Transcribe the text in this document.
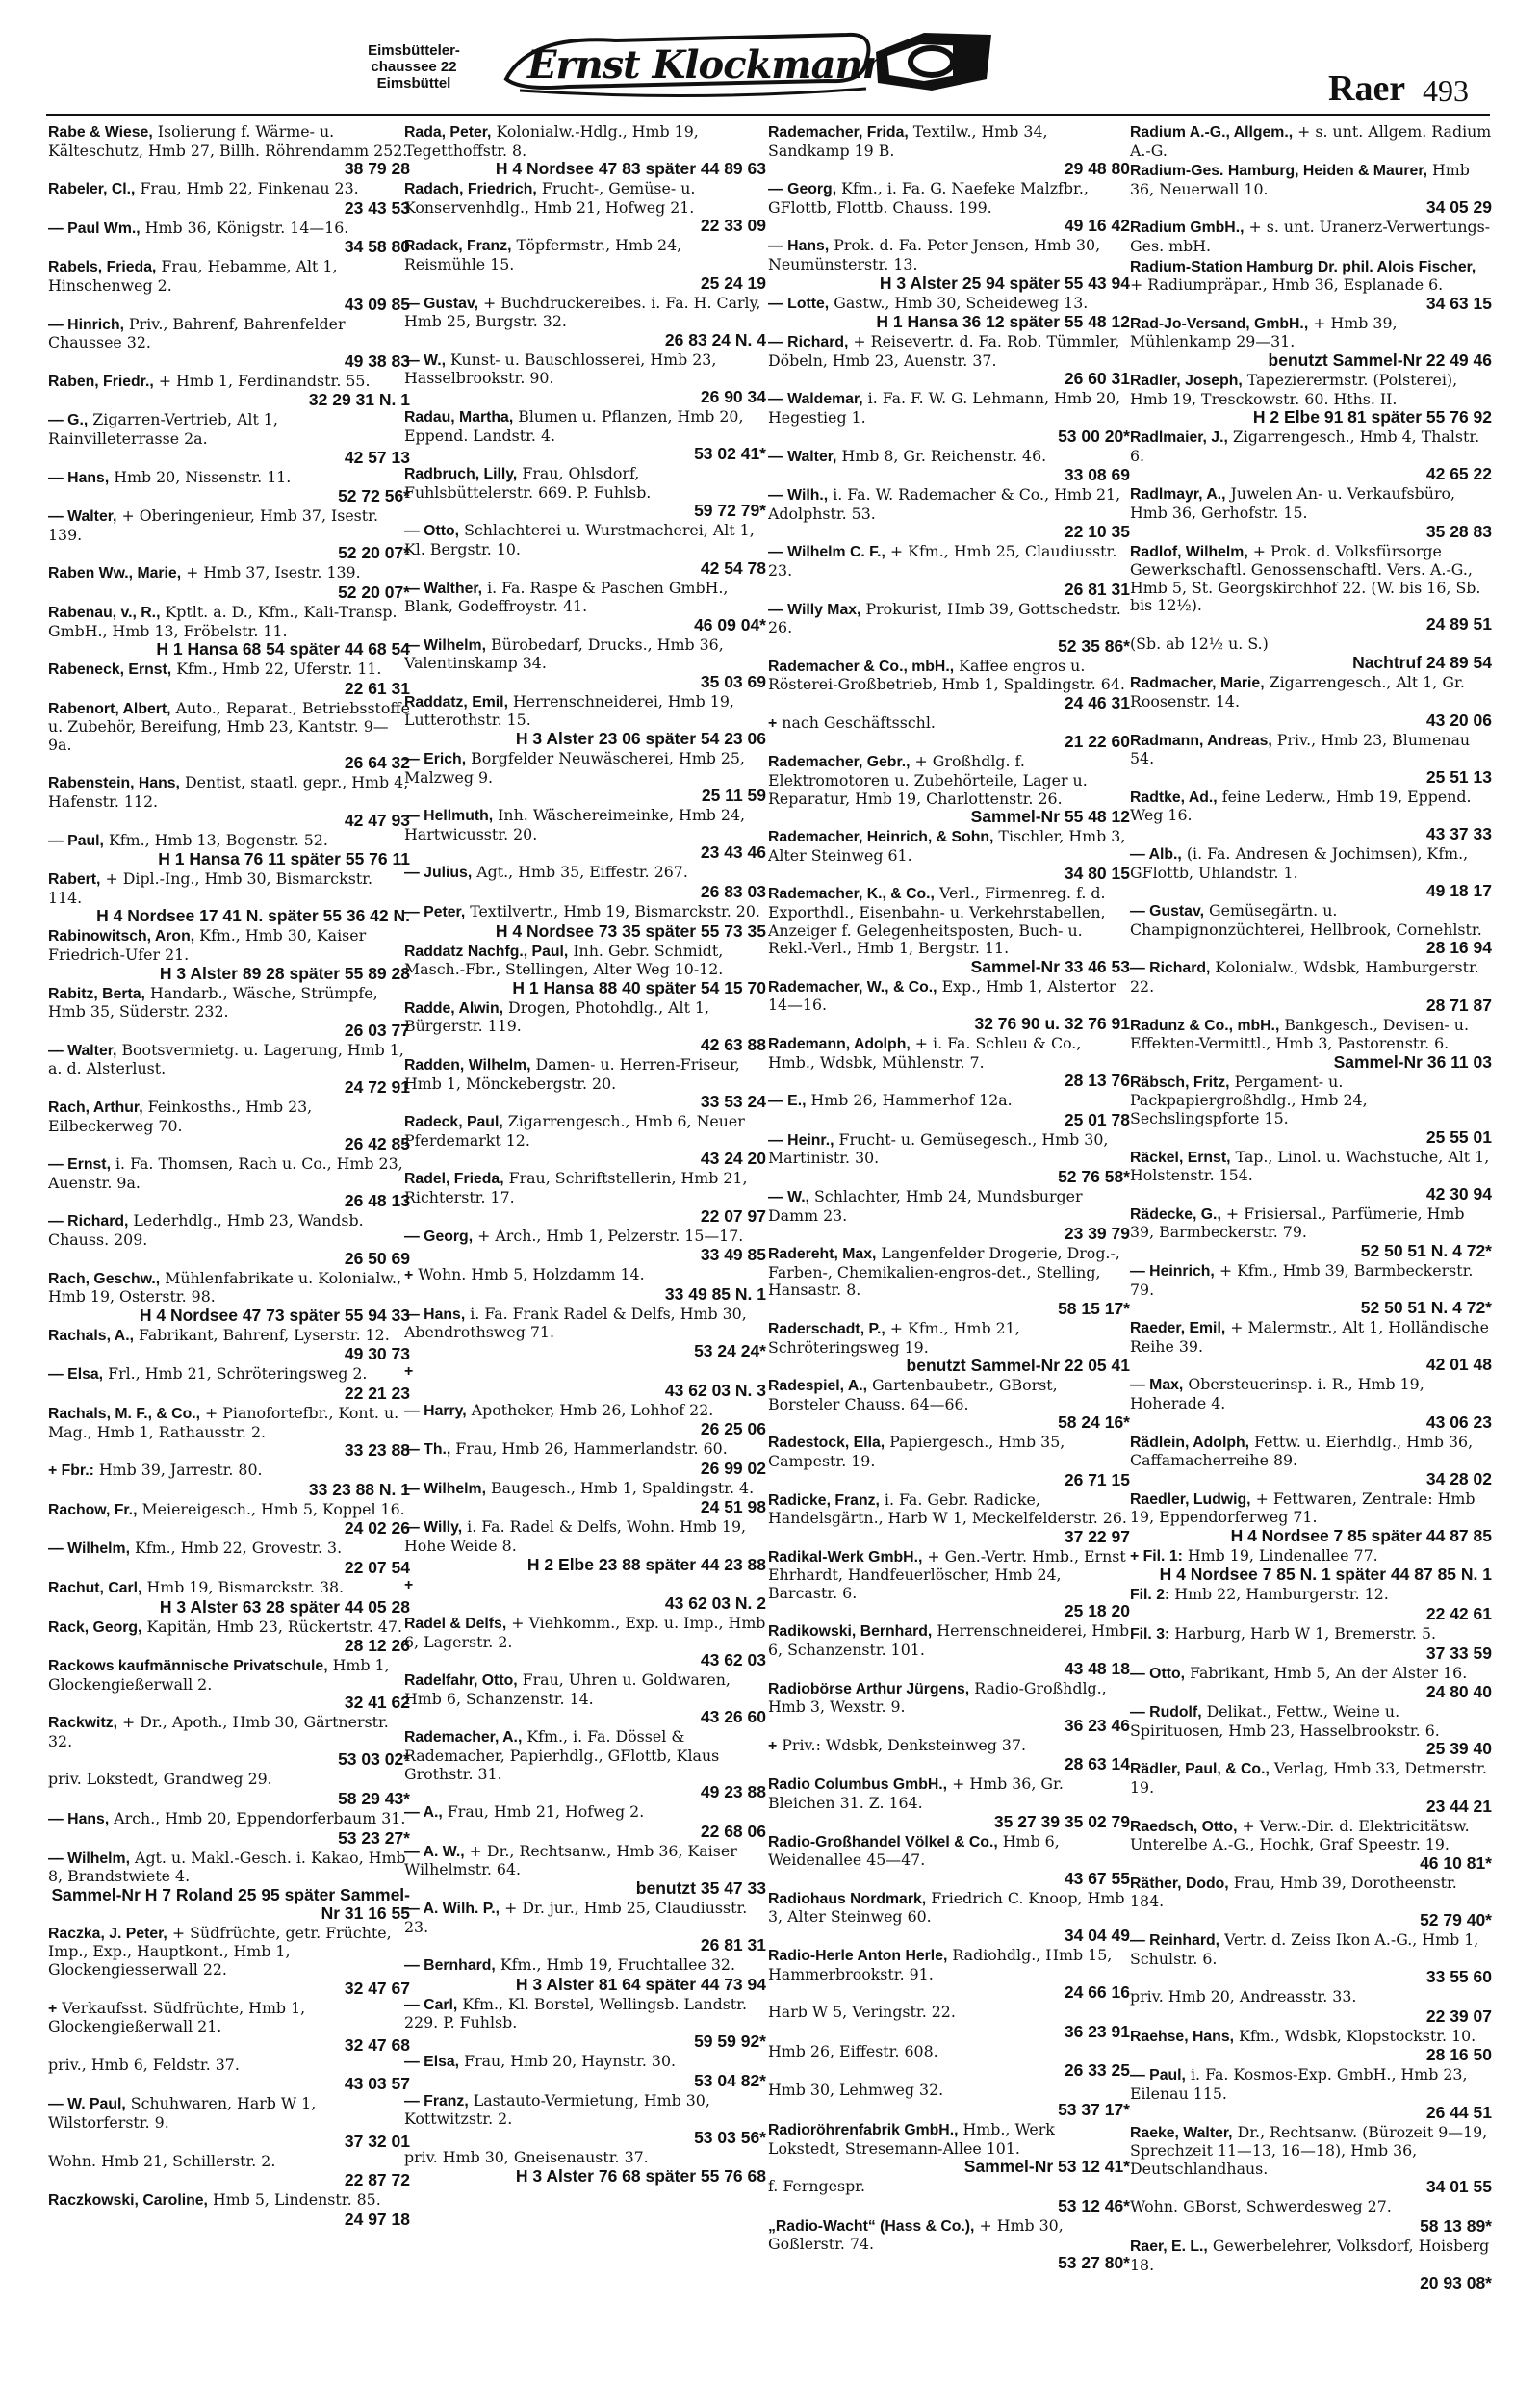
Eimsbütteler-
chaussee 22
Eimsbüttel	Ernst Klockmann
Raer 493
Rabe & Wiese, Isolierung f. Wärme- u. Kälteschutz, Hmb 27, Billh. Röhrendamm 252.
38 79 28
Rabeler, Cl., Frau, Hmb 22, Finkenau 23.
23 43 53
— Paul Wm., Hmb 36, Königstr. 14—16.
34 58 80
Rabels, Frieda, Frau, Hebamme, Alt 1, Hinschenweg 2.
43 09 85
— Hinrich, Priv., Bahrenf, Bahrenfelder Chaussee 32.
49 38 83
Raben, Friedr., + Hmb 1, Ferdinandstr. 55.
32 29 31 N. 1
— G., Zigarren-Vertrieb, Alt 1, Rainvilleterrasse 2a.
42 57 13
— Hans, Hmb 20, Nissenstr. 11.
52 72 56*
— Walter, + Oberingenieur, Hmb 37, Isestr. 139.
52 20 07*
Raben Ww., Marie, + Hmb 37, Isestr. 139.
52 20 07*
Rabenau, v., R., Kptlt. a. D., Kfm., Kali-Transp. GmbH., Hmb 13, Fröbelstr. 11.
H 1 Hansa 68 54 später 44 68 54
Rabeneck, Ernst, Kfm., Hmb 22, Uferstr. 11.
22 61 31
Rabenort, Albert, Auto., Reparat., Betriebsstoffe u. Zubehör, Bereifung, Hmb 23, Kantstr. 9—9a.
26 64 32
Rabenstein, Hans, Dentist, staatl. gepr., Hmb 4, Hafenstr. 112.
42 47 93
— Paul, Kfm., Hmb 13, Bogenstr. 52.
H 1 Hansa 76 11 später 55 76 11
Rabert, + Dipl.-Ing., Hmb 30, Bismarckstr. 114.
H 4 Nordsee 17 41 N. später 55 36 42 N.
Rabinowitsch, Aron, Kfm., Hmb 30, Kaiser Friedrich-Ufer 21.
H 3 Alster 89 28 später 55 89 28
Rabitz, Berta, Handarb., Wäsche, Strümpfe, Hmb 35, Süderstr. 232.
26 03 77
— Walter, Bootsvermietg. u. Lagerung, Hmb 1, a. d. Alsterlust.
24 72 91
Rach, Arthur, Feinkosths., Hmb 23, Eilbeckerweg 70.
26 42 85
— Ernst, i. Fa. Thomsen, Rach u. Co., Hmb 23, Auenstr. 9a.
26 48 13
— Richard, Lederhdlg., Hmb 23, Wandsb. Chauss. 209.
26 50 69
Rach, Geschw., Mühlenfabrikate u. Kolonialw., Hmb 19, Osterstr. 98.
H 4 Nordsee 47 73 später 55 94 33
Rachals, A., Fabrikant, Bahrenf, Lyserstr. 12.
49 30 73
— Elsa, Frl., Hmb 21, Schröteringsweg 2.
22 21 23
Rachals, M. F., & Co., + Pianofortefbr., Kont. u. Mag., Hmb 1, Rathausstr. 2.
33 23 88
+ Fbr.: Hmb 39, Jarrestr. 80.
33 23 88 N. 1
Rachow, Fr., Meiereigesch., Hmb 5, Koppel 16.
24 02 26
— Wilhelm, Kfm., Hmb 22, Grovestr. 3.
22 07 54
Rachut, Carl, Hmb 19, Bismarckstr. 38.
H 3 Alster 63 28 später 44 05 28
Rack, Georg, Kapitän, Hmb 23, Rückertstr. 47.
28 12 26
Rackows kaufmännische Privatschule, Hmb 1, Glockengießerwall 2.
32 41 62
Rackwitz, + Dr., Apoth., Hmb 30, Gärtnerstr. 32.
53 03 02*
priv. Lokstedt, Grandweg 29.
58 29 43*
— Hans, Arch., Hmb 20, Eppendorferbaum 31.
53 23 27*
— Wilhelm, Agt. u. Makl.-Gesch. i. Kakao, Hmb 8, Brandstwiete 4.
Sammel-Nr H 7 Roland 25 95 später Sammel-Nr 31 16 55
Raczka, J. Peter, + Südfrüchte, getr. Früchte, Imp., Exp., Hauptkont., Hmb 1, Glockengiesserwall 22.
32 47 67
+ Verkaufsst. Südfrüchte, Hmb 1, Glockengießerwall 21.
32 47 68
priv., Hmb 6, Feldstr. 37.
43 03 57
— W. Paul, Schuhwaren, Harb W 1, Wilstorferstr. 9.
37 32 01
Wohn. Hmb 21, Schillerstr. 2.
22 87 72
Raczkowski, Caroline, Hmb 5, Lindenstr. 85.
24 97 18
Rada, Peter, Kolonialw.-Hdlg., Hmb 19, Tegetthoffstr. 8.
H 4 Nordsee 47 83 später 44 89 63
Radach, Friedrich, Frucht-, Gemüse- u. Konservenhdlg., Hmb 21, Hofweg 21.
22 33 09
Radack, Franz, Töpfermstr., Hmb 24, Reismühle 15.
25 24 19
— Gustav, + Buchdruckereibes. i. Fa. H. Carly, Hmb 25, Burgstr. 32.
26 83 24 N. 4
— W., Kunst- u. Bauschlosserei, Hmb 23, Hasselbrookstr. 90.
26 90 34
Radau, Martha, Blumen u. Pflanzen, Hmb 20, Eppend. Landstr. 4.
53 02 41*
Radbruch, Lilly, Frau, Ohlsdorf, Fuhlsbüttelerstr. 669. P. Fuhlsb.
59 72 79*
— Otto, Schlachterei u. Wurstmacherei, Alt 1, Kl. Bergstr. 10.
42 54 78
— Walther, i. Fa. Raspe & Paschen GmbH., Blank, Godeffroystr. 41.
46 09 04*
— Wilhelm, Bürobedarf, Drucks., Hmb 36, Valentinskamp 34.
35 03 69
Raddatz, Emil, Herrenschneiderei, Hmb 19, Lutterothstr. 15.
H 3 Alster 23 06 später 54 23 06
— Erich, Borgfelder Neuwäscherei, Hmb 25, Malzweg 9.
25 11 59
— Hellmuth, Inh. Wäschereimeinke, Hmb 24, Hartwicusstr. 20.
23 43 46
— Julius, Agt., Hmb 35, Eiffestr. 267.
26 83 03
— Peter, Textilvertr., Hmb 19, Bismarckstr. 20.
H 4 Nordsee 73 35 später 55 73 35
Raddatz Nachfg., Paul, Inh. Gebr. Schmidt, Masch.-Fbr., Stellingen, Alter Weg 10-12.
H 1 Hansa 88 40 später 54 15 70
Radde, Alwin, Drogen, Photohdlg., Alt 1, Bürgerstr. 119.
42 63 88
Radden, Wilhelm, Damen- u. Herren-Friseur, Hmb 1, Mönckebergstr. 20.
33 53 24
Radeck, Paul, Zigarrengesch., Hmb 6, Neuer Pferdemarkt 12.
43 24 20
Radel, Frieda, Frau, Schriftstellerin, Hmb 21, Richterstr. 17.
22 07 97
— Georg, + Arch., Hmb 1, Pelzerstr. 15—17.
33 49 85
+ Wohn. Hmb 5, Holzdamm 14.
33 49 85 N. 1
— Hans, i. Fa. Frank Radel & Delfs, Hmb 30, Abendrothsweg 71.
53 24 24*
+
43 62 03 N. 3
— Harry, Apotheker, Hmb 26, Lohhof 22.
26 25 06
— Th., Frau, Hmb 26, Hammerlandstr. 60.
26 99 02
— Wilhelm, Baugesch., Hmb 1, Spaldingstr. 4.
24 51 98
— Willy, i. Fa. Radel & Delfs, Wohn. Hmb 19, Hohe Weide 8.
H 2 Elbe 23 88 später 44 23 88
+
43 62 03 N. 2
Radel & Delfs, + Viehkomm., Exp. u. Imp., Hmb 6, Lagerstr. 2.
43 62 03
Radelfahr, Otto, Frau, Uhren u. Goldwaren, Hmb 6, Schanzenstr. 14.
43 26 60
Rademacher, A., Kfm., i. Fa. Dössel & Rademacher, Papierhdlg., GFlottb, Klaus Grothstr. 31.
49 23 88
— A., Frau, Hmb 21, Hofweg 2.
22 68 06
— A. W., + Dr., Rechtsanw., Hmb 36, Kaiser Wilhelmstr. 64.
benutzt 35 47 33
— A. Wilh. P., + Dr. jur., Hmb 25, Claudiusstr. 23.
26 81 31
— Bernhard, Kfm., Hmb 19, Fruchtallee 32.
H 3 Alster 81 64 später 44 73 94
— Carl, Kfm., Kl. Borstel, Wellingsb. Landstr. 229. P. Fuhlsb.
59 59 92*
— Elsa, Frau, Hmb 20, Haynstr. 30.
53 04 82*
— Franz, Lastauto-Vermietung, Hmb 30, Kottwitzstr. 2.
53 03 56*
priv. Hmb 30, Gneisenaustr. 37.
H 3 Alster 76 68 später 55 76 68
Rademacher, Frida, Textilw., Hmb 34, Sandkamp 19 B.
29 48 80
— Georg, Kfm., i. Fa. G. Naefeke Malzfbr., GFlottb, Flottb. Chauss. 199.
49 16 42
— Hans, Prok. d. Fa. Peter Jensen, Hmb 30, Neumünsterstr. 13.
H 3 Alster 25 94 später 55 43 94
— Lotte, Gastw., Hmb 30, Scheideweg 13.
H 1 Hansa 36 12 später 55 48 12
— Richard, + Reisevertr. d. Fa. Rob. Tümmler, Döbeln, Hmb 23, Auenstr. 37.
26 60 31
— Waldemar, i. Fa. F. W. G. Lehmann, Hmb 20, Hegestieg 1.
53 00 20*
— Walter, Hmb 8, Gr. Reichenstr. 46.
33 08 69
— Wilh., i. Fa. W. Rademacher & Co., Hmb 21, Adolphstr. 53.
22 10 35
— Wilhelm C. F., + Kfm., Hmb 25, Claudiusstr. 23.
26 81 31
— Willy Max, Prokurist, Hmb 39, Gottschedstr. 26.
52 35 86*
Rademacher & Co., mbH., Kaffee engros u. Rösterei-Großbetrieb, Hmb 1, Spaldingstr. 64.
24 46 31
+ nach Geschäftsschl.
21 22 60
Rademacher, Gebr., + Großhdlg. f. Elektromotoren u. Zubehörteile, Lager u. Reparatur, Hmb 19, Charlottenstr. 26.
Sammel-Nr 55 48 12
Rademacher, Heinrich, & Sohn, Tischler, Hmb 3, Alter Steinweg 61.
34 80 15
Rademacher, K., & Co., Verl., Firmenreg. f. d. Exporthdl., Eisenbahn- u. Verkehrstabellen, Anzeiger f. Gelegenheitsposten, Buch- u. Rekl.-Verl., Hmb 1, Bergstr. 11.
Sammel-Nr 33 46 53
Rademacher, W., & Co., Exp., Hmb 1, Alstertor 14—16.
32 76 90 u. 32 76 91
Rademann, Adolph, + i. Fa. Schleu & Co., Hmb., Wdsbk, Mühlenstr. 7.
28 13 76
— E., Hmb 26, Hammerhof 12a.
25 01 78
— Heinr., Frucht- u. Gemüsegesch., Hmb 30, Martinistr. 30.
52 76 58*
— W., Schlachter, Hmb 24, Mundsburger Damm 23.
23 39 79
Radereht, Max, Langenfelder Drogerie, Drog.-, Farben-, Chemikalien-engros-det., Stelling, Hansastr. 8.
58 15 17*
Raderschadt, P., + Kfm., Hmb 21, Schröteringsweg 19.
benutzt Sammel-Nr 22 05 41
Radespiel, A., Gartenbaubetr., GBorst, Borsteler Chauss. 64—66.
58 24 16*
Radestock, Ella, Papiergesch., Hmb 35, Campestr. 19.
26 71 15
Radicke, Franz, i. Fa. Gebr. Radicke, Handelsgärtn., Harb W 1, Meckelfelderstr. 26.
37 22 97
Radikal-Werk GmbH., + Gen.-Vertr. Hmb., Ernst Ehrhardt, Handfeuerlöscher, Hmb 24, Barcastr. 6.
25 18 20
Radikowski, Bernhard, Herrenschneiderei, Hmb 6, Schanzenstr. 101.
43 48 18
Radiobörse Arthur Jürgens, Radio-Großhdlg., Hmb 3, Wexstr. 9.
36 23 46
+ Priv.: Wdsbk, Denksteinweg 37.
28 63 14
Radio Columbus GmbH., + Hmb 36, Gr. Bleichen 31. Z. 164.
35 27 39 35 02 79
Radio-Großhandel Völkel & Co., Hmb 6, Weidenallee 45—47.
43 67 55
Radiohaus Nordmark, Friedrich C. Knoop, Hmb 3, Alter Steinweg 60.
34 04 49
Radio-Herle Anton Herle, Radiohdlg., Hmb 15, Hammerbrookstr. 91.
24 66 16
Harb W 5, Veringstr. 22.
36 23 91
Hmb 26, Eiffestr. 608.
26 33 25
Hmb 30, Lehmweg 32.
53 37 17*
Radioröhrenfabrik GmbH., Hmb., Werk Lokstedt, Stresemann-Allee 101.
Sammel-Nr 53 12 41*
f. Ferngespr.
53 12 46*
„Radio-Wacht“ (Hass & Co.), + Hmb 30, Goßlerstr. 74.
53 27 80*
Radium A.-G., Allgem., + s. unt. Allgem. Radium A.-G.
Radium-Ges. Hamburg, Heiden & Maurer, Hmb 36, Neuerwall 10.
34 05 29
Radium GmbH., + s. unt. Uranerz-Verwertungs-Ges. mbH.
Radium-Station Hamburg Dr. phil. Alois Fischer, + Radiumpräpar., Hmb 36, Esplanade 6.
34 63 15
Rad-Jo-Versand, GmbH., + Hmb 39, Mühlenkamp 29—31.
benutzt Sammel-Nr 22 49 46
Radler, Joseph, Tapezierermstr. (Polsterei), Hmb 19, Tresckowstr. 60. Hths. II.
H 2 Elbe 91 81 später 55 76 92
Radlmaier, J., Zigarrengesch., Hmb 4, Thalstr. 6.
42 65 22
Radlmayr, A., Juwelen An- u. Verkaufsbüro, Hmb 36, Gerhofstr. 15.
35 28 83
Radlof, Wilhelm, + Prok. d. Volksfürsorge Gewerkschaftl. Genossenschaftl. Vers. A.-G., Hmb 5, St. Georgskirchhof 22. (W. bis 16, Sb. bis 12½).
24 89 51
(Sb. ab 12½ u. S.)
Nachtruf 24 89 54
Radmacher, Marie, Zigarrengesch., Alt 1, Gr. Roosenstr. 14.
43 20 06
Radmann, Andreas, Priv., Hmb 23, Blumenau 54.
25 51 13
Radtke, Ad., feine Lederw., Hmb 19, Eppend. Weg 16.
43 37 33
— Alb., (i. Fa. Andresen & Jochimsen), Kfm., GFlottb, Uhlandstr. 1.
49 18 17
— Gustav, Gemüsegärtn. u. Champignonzüchterei, Hellbrook, Cornehlstr.
28 16 94
— Richard, Kolonialw., Wdsbk, Hamburgerstr. 22.
28 71 87
Radunz & Co., mbH., Bankgesch., Devisen- u. Effekten-Vermittl., Hmb 3, Pastorenstr. 6.
Sammel-Nr 36 11 03
Räbsch, Fritz, Pergament- u. Packpapiergroßhdlg., Hmb 24, Sechslingspforte 15.
25 55 01
Räckel, Ernst, Tap., Linol. u. Wachstuche, Alt 1, Holstenstr. 154.
42 30 94
Rädecke, G., + Frisiersal., Parfümerie, Hmb 39, Barmbeckerstr. 79.
52 50 51 N. 4 72*
— Heinrich, + Kfm., Hmb 39, Barmbeckerstr. 79.
52 50 51 N. 4 72*
Raeder, Emil, + Malermstr., Alt 1, Holländische Reihe 39.
42 01 48
— Max, Obersteuerinsp. i. R., Hmb 19, Hoherade 4.
43 06 23
Rädlein, Adolph, Fettw. u. Eierhdlg., Hmb 36, Caffamacherreihe 89.
34 28 02
Raedler, Ludwig, + Fettwaren, Zentrale: Hmb 19, Eppendorferweg 71.
H 4 Nordsee 7 85 später 44 87 85
+ Fil. 1: Hmb 19, Lindenallee 77.
H 4 Nordsee 7 85 N. 1 später 44 87 85 N. 1
Fil. 2: Hmb 22, Hamburgerstr. 12.
22 42 61
Fil. 3: Harburg, Harb W 1, Bremerstr. 5.
37 33 59
— Otto, Fabrikant, Hmb 5, An der Alster 16.
24 80 40
— Rudolf, Delikat., Fettw., Weine u. Spirituosen, Hmb 23, Hasselbrookstr. 6.
25 39 40
Rädler, Paul, & Co., Verlag, Hmb 33, Detmerstr. 19.
23 44 21
Raedsch, Otto, + Verw.-Dir. d. Elektricitätsw. Unterelbe A.-G., Hochk, Graf Speestr. 19.
46 10 81*
Räther, Dodo, Frau, Hmb 39, Dorotheenstr. 184.
52 79 40*
— Reinhard, Vertr. d. Zeiss Ikon A.-G., Hmb 1, Schulstr. 6.
33 55 60
priv. Hmb 20, Andreasstr. 33.
22 39 07
Raehse, Hans, Kfm., Wdsbk, Klopstockstr. 10.
28 16 50
— Paul, i. Fa. Kosmos-Exp. GmbH., Hmb 23, Eilenau 115.
26 44 51
Raeke, Walter, Dr., Rechtsanw. (Bürozeit 9—19, Sprechzeit 11—13, 16—18), Hmb 36, Deutschlandhaus.
34 01 55
Wohn. GBorst, Schwerdesweg 27.
58 13 89*
Raer, E. L., Gewerbelehrer, Volksdorf, Hoisberg 18.
20 93 08*
